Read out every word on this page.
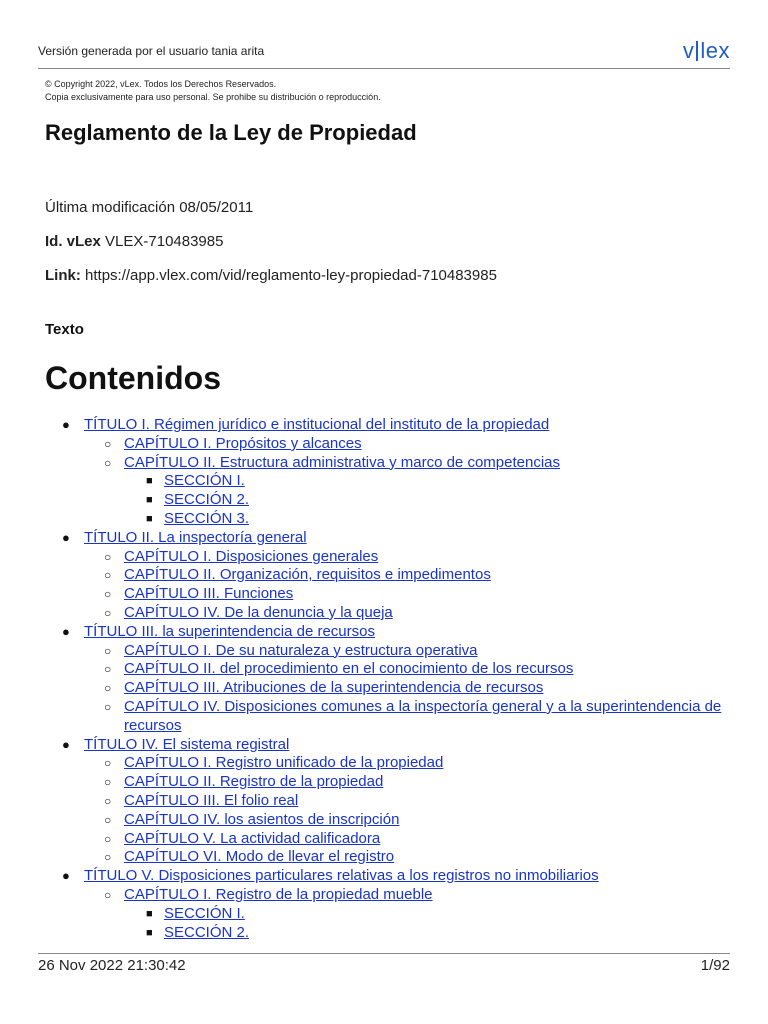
Versión generada por el usuario tania arita	v lex
© Copyright 2022, vLex. Todos los Derechos Reservados.
Copia exclusivamente para uso personal. Se prohibe su distribución o reproducción.
Reglamento de la Ley de Propiedad

Última modificación 08/05/2011

Id. vLex VLEX-710483985

Link: https://app.vlex.com/vid/reglamento-ley-propiedad-710483985

Texto

Contenidos
● TÍTULO I. Régimen jurídico e institucional del instituto de la propiedad
○ CAPÍTULO I. Propósitos y alcances
○ CAPÍTULO II. Estructura administrativa y marco de competencias
■ SECCIÓN I.
■ SECCIÓN 2.
■ SECCIÓN 3.
● TÍTULO II. La inspectoría general
○ CAPÍTULO I. Disposiciones generales
○ CAPÍTULO II. Organización, requisitos e impedimentos
○ CAPÍTULO III. Funciones
○ CAPÍTULO IV. De la denuncia y la queja
● TÍTULO III. la superintendencia de recursos
○ CAPÍTULO I. De su naturaleza y estructura operativa
○ CAPÍTULO II. del procedimiento en el conocimiento de los recursos
○ CAPÍTULO III. Atribuciones de la superintendencia de recursos
○ CAPÍTULO IV. Disposiciones comunes a la inspectoría general y a la superintendencia de recursos
● TÍTULO IV. El sistema registral
○ CAPÍTULO I. Registro unificado de la propiedad
○ CAPÍTULO II. Registro de la propiedad
○ CAPÍTULO III. El folio real
○ CAPÍTULO IV. los asientos de inscripción
○ CAPÍTULO V. La actividad calificadora
○ CAPÍTULO VI. Modo de llevar el registro
● TÍTULO V. Disposiciones particulares relativas a los registros no inmobiliarios
○ CAPÍTULO I. Registro de la propiedad mueble
■ SECCIÓN I.
■ SECCIÓN 2.
26 Nov 2022 21:30:42	1/92
